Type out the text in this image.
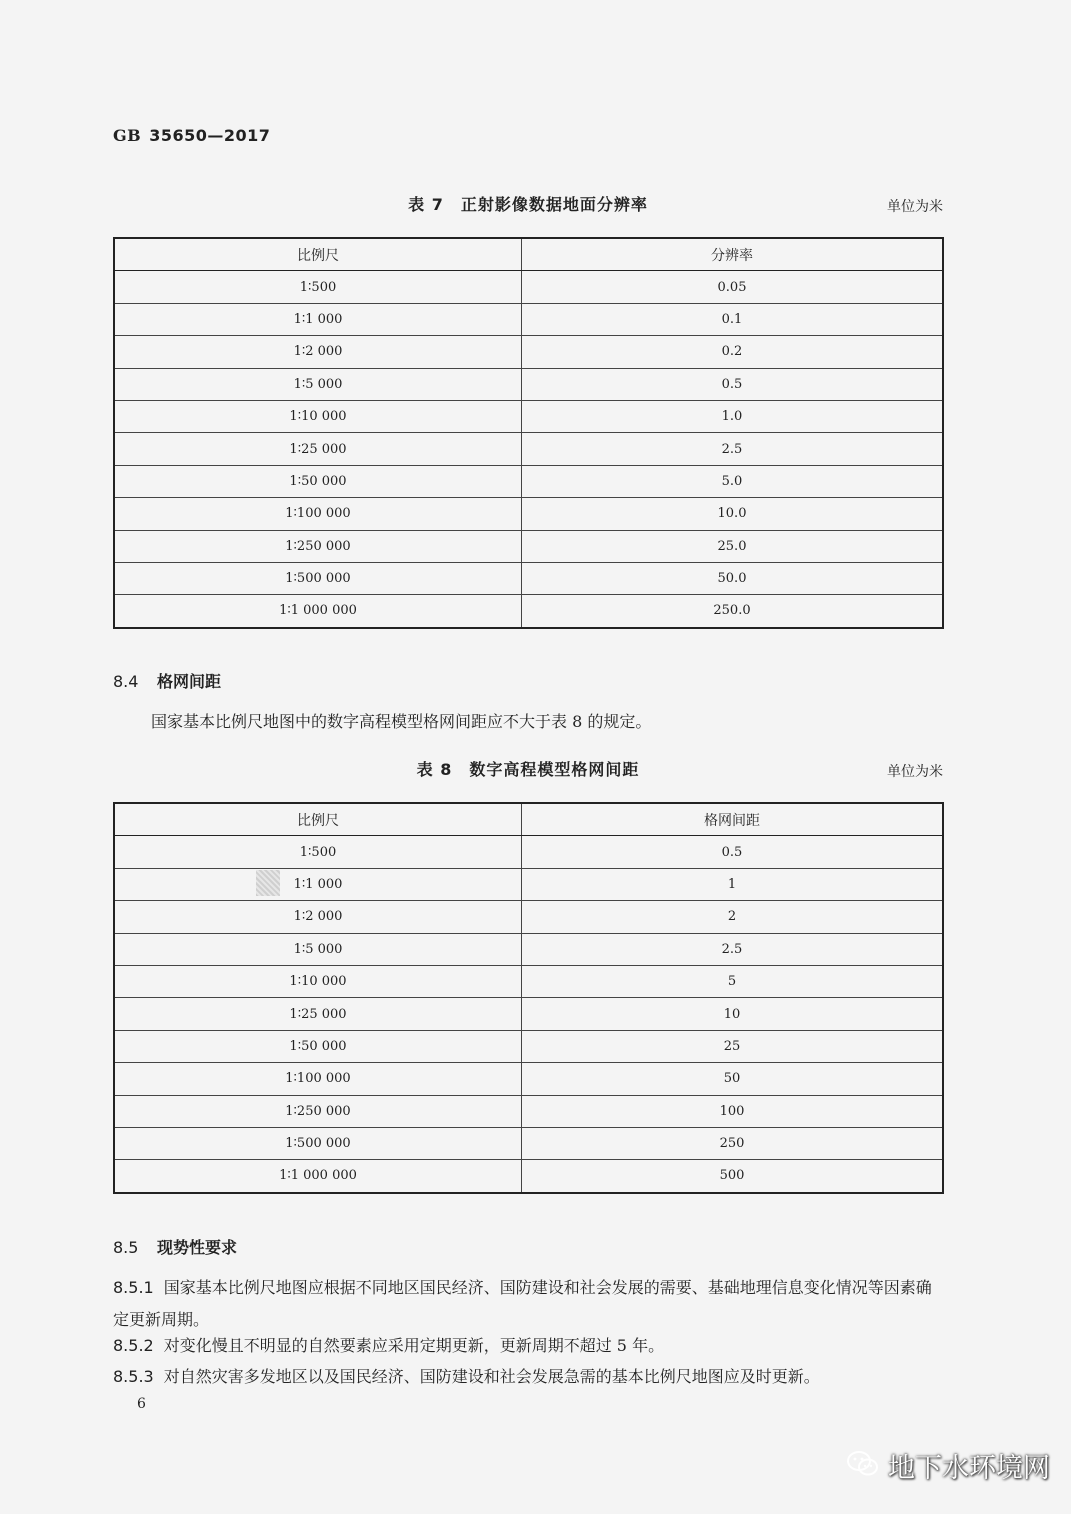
GB 35650—2017
表 7　正射影像数据地面分辨率	单位为米
比例尺	分辨率
1∶500	0.05
1∶1 000	0.1
1∶2 000	0.2
1∶5 000	0.5
1∶10 000	1.0
1∶25 000	2.5
1∶50 000	5.0
1∶100 000	10.0
1∶250 000	25.0
1∶500 000	50.0
1∶1 000 000	250.0
8.4 格网间距
国家基本比例尺地图中的数字高程模型格网间距应不大于表 8 的规定。
表 8　数字高程模型格网间距	单位为米
比例尺	格网间距
1∶500	0.5
1∶1 000	1
1∶2 000	2
1∶5 000	2.5
1∶10 000	5
1∶25 000	10
1∶50 000	25
1∶100 000	50
1∶250 000	100
1∶500 000	250
1∶1 000 000	500
8.5 现势性要求
8.5.1 国家基本比例尺地图应根据不同地区国民经济、国防建设和社会发展的需要、基础地理信息变化情况等因素确定更新周期。
8.5.2 对变化慢且不明显的自然要素应采用定期更新，更新周期不超过 5 年。
8.5.3 对自然灾害多发地区以及国民经济、国防建设和社会发展急需的基本比例尺地图应及时更新。
6
地下水环境网
